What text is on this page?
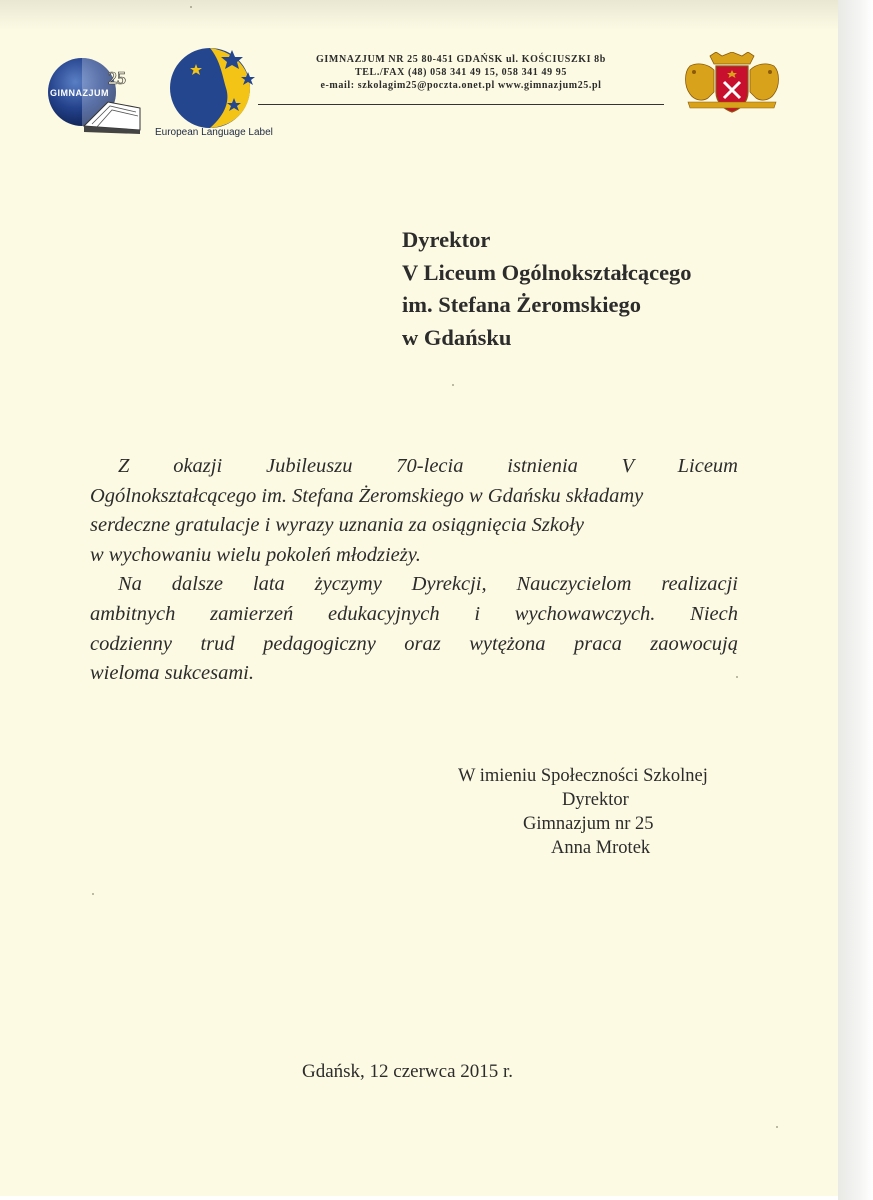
25
GIMNAZJUM
European Language Label
GIMNAZJUM NR 25 80-451 GDAŃSK ul. KOŚCIUSZKI 8b
TEL./FAX (48) 058 341 49 15, 058 341 49 95
e-mail: szkolagim25@poczta.onet.pl www.gimnazjum25.pl
Dyrektor
V Liceum Ogólnokształcącego
im. Stefana Żeromskiego
w Gdańsku
Z okazji Jubileuszu 70-lecia istnienia V Liceum
Ogólnokształcącego im. Stefana Żeromskiego w Gdańsku składamy
serdeczne gratulacje i wyrazy uznania za osiągnięcia Szkoły
w wychowaniu wielu pokoleń młodzieży.
Na dalsze lata życzymy Dyrekcji, Nauczycielom realizacji
ambitnych zamierzeń edukacyjnych i wychowawczych. Niech
codzienny trud pedagogiczny oraz wytężona praca zaowocują
wieloma sukcesami.
W imieniu Społeczności Szkolnej
Dyrektor
Gimnazjum nr 25
Anna Mrotek
Gdańsk, 12 czerwca 2015 r.
